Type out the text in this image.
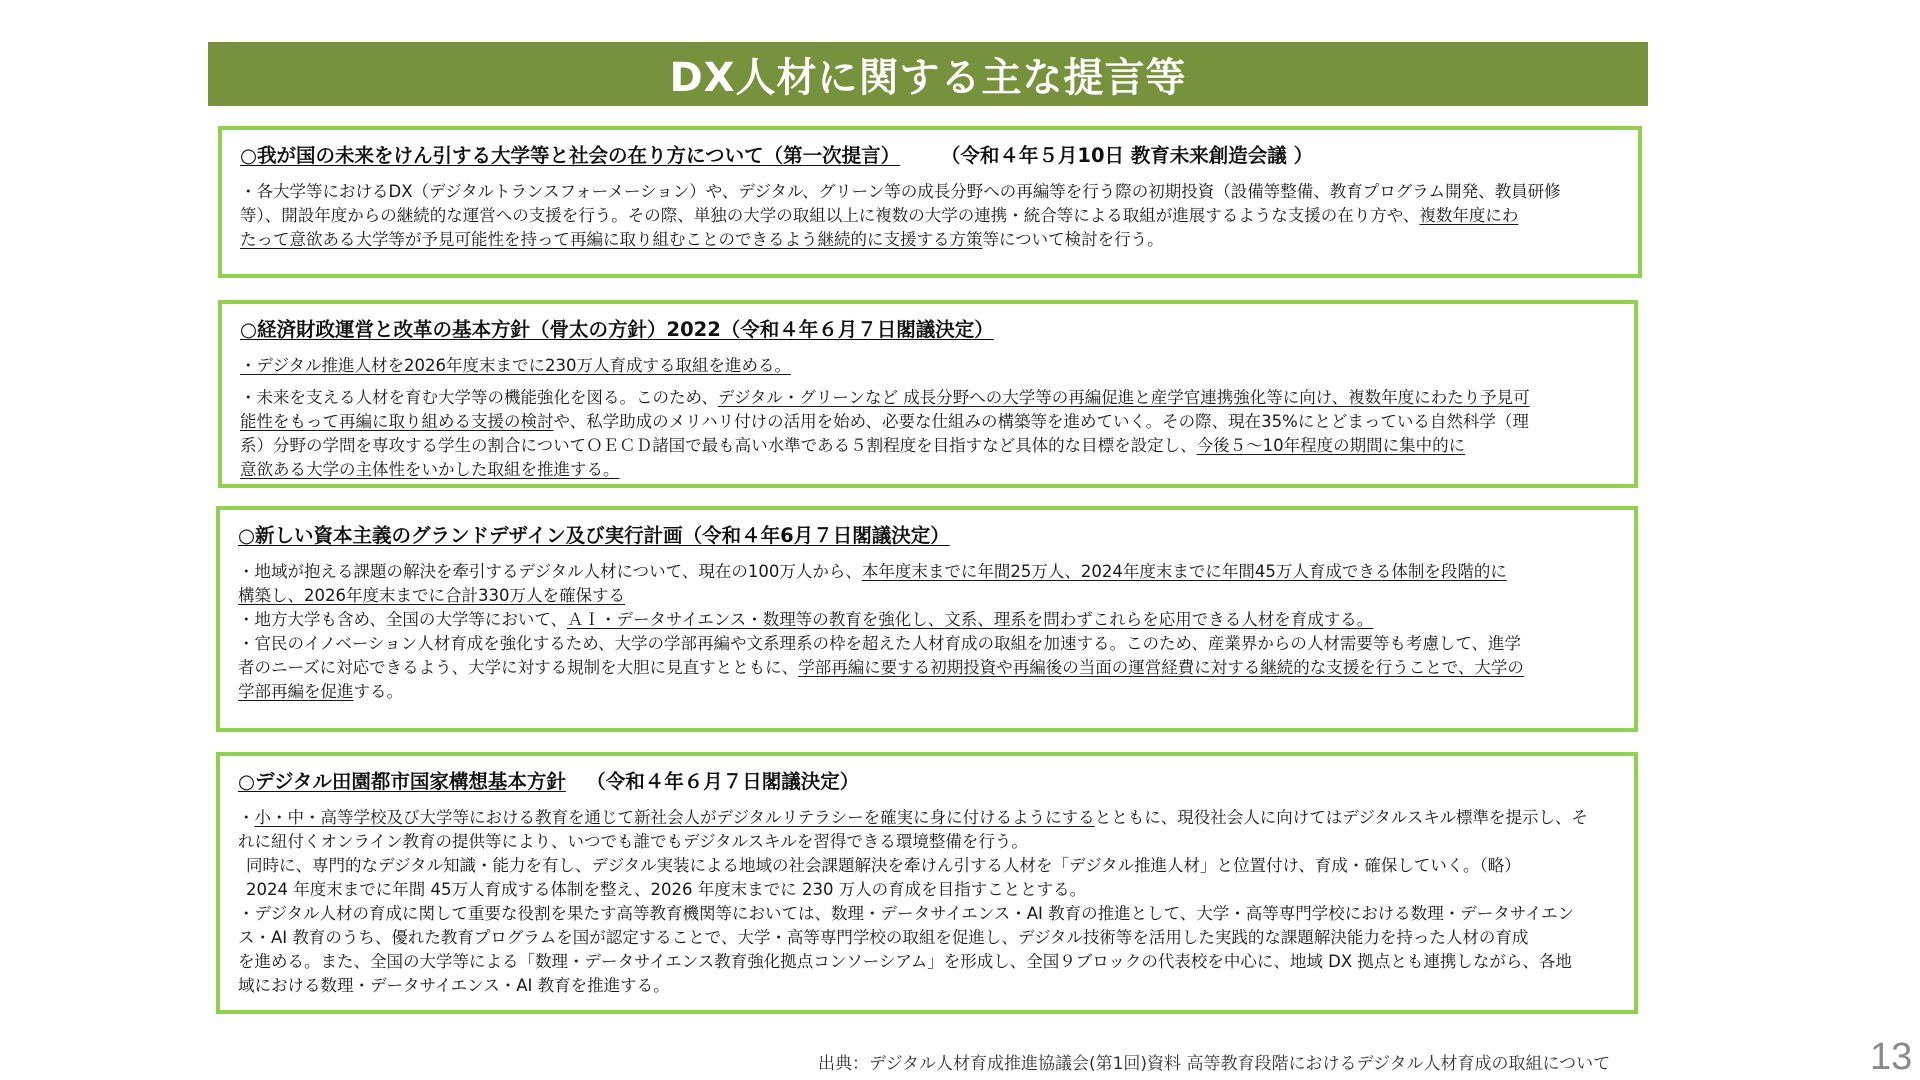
DX人材に関する主な提言等
○我が国の未来をけん引する大学等と社会の在り方について（第一次提言） （令和４年５月10日 教育未来創造会議 ）

・各大学等におけるDX（デジタルトランスフォーメーション）や、デジタル、グリーン等の成長分野への再編等を行う際の初期投資（設備等整備、教育プログラム開発、教員研修

等）、開設年度からの継続的な運営への支援を行う。その際、単独の大学の取組以上に複数の大学の連携・統合等による取組が進展するような支援の在り方や、複数年度にわ

たって意欲ある大学等が予見可能性を持って再編に取り組むことのできるよう継続的に支援する方策等について検討を行う。

○経済財政運営と改革の基本方針（骨太の方針）2022（令和４年６月７日閣議決定）

・デジタル推進人材を2026年度末までに230万人育成する取組を進める。

・未来を支える人材を育む大学等の機能強化を図る。このため、デジタル・グリーンなど 成長分野への大学等の再編促進と産学官連携強化等に向け、複数年度にわたり予見可

能性をもって再編に取り組める支援の検討や、私学助成のメリハリ付けの活用を始め、必要な仕組みの構築等を進めていく。その際、現在35%にとどまっている自然科学（理

系）分野の学問を専攻する学生の割合についてＯＥＣＤ諸国で最も高い水準である５割程度を目指すなど具体的な目標を設定し、今後５～10年程度の期間に集中的に

意欲ある大学の主体性をいかした取組を推進する。

○新しい資本主義のグランドデザイン及び実行計画（令和４年6月７日閣議決定）

・地域が抱える課題の解決を牽引するデジタル人材について、現在の100万人から、本年度末までに年間25万人、2024年度末までに年間45万人育成できる体制を段階的に

構築し、2026年度末までに合計330万人を確保する

・地方大学も含め、全国の大学等において、ＡＩ・データサイエンス・数理等の教育を強化し、文系、理系を問わずこれらを応用できる人材を育成する。

・官民のイノベーション人材育成を強化するため、大学の学部再編や文系理系の枠を超えた人材育成の取組を加速する。このため、産業界からの人材需要等も考慮して、進学

者のニーズに対応できるよう、大学に対する規制を大胆に見直すとともに、学部再編に要する初期投資や再編後の当面の運営経費に対する継続的な支援を行うことで、大学の

学部再編を促進する。

○デジタル田園都市国家構想基本方針 （令和４年６月７日閣議決定）

・小・中・高等学校及び大学等における教育を通じて新社会人がデジタルリテラシーを確実に身に付けるようにするとともに、現役社会人に向けてはデジタルスキル標準を提示し、そ

れに紐付くオンライン教育の提供等により、いつでも誰でもデジタルスキルを習得できる環境整備を行う。

同時に、専門的なデジタル知識・能力を有し、デジタル実装による地域の社会課題解決を牽けん引する人材を「デジタル推進人材」と位置付け、育成・確保していく。（略）

2024 年度末までに年間 45万人育成する体制を整え、2026 年度末までに 230 万人の育成を目指すこととする。

・デジタル人材の育成に関して重要な役割を果たす高等教育機関等においては、数理・データサイエンス・AI 教育の推進として、大学・高等専門学校における数理・データサイエン

ス・AI 教育のうち、優れた教育プログラムを国が認定することで、大学・高等専門学校の取組を促進し、デジタル技術等を活用した実践的な課題解決能力を持った人材の育成

を進める。また、全国の大学等による「数理・データサイエンス教育強化拠点コンソーシアム」を形成し、全国９ブロックの代表校を中心に、地域 DX 拠点とも連携しながら、各地

域における数理・データサイエンス・AI 教育を推進する。

出典：デジタル人材育成推進協議会(第1回)資料 高等教育段階におけるデジタル人材育成の取組について	13
